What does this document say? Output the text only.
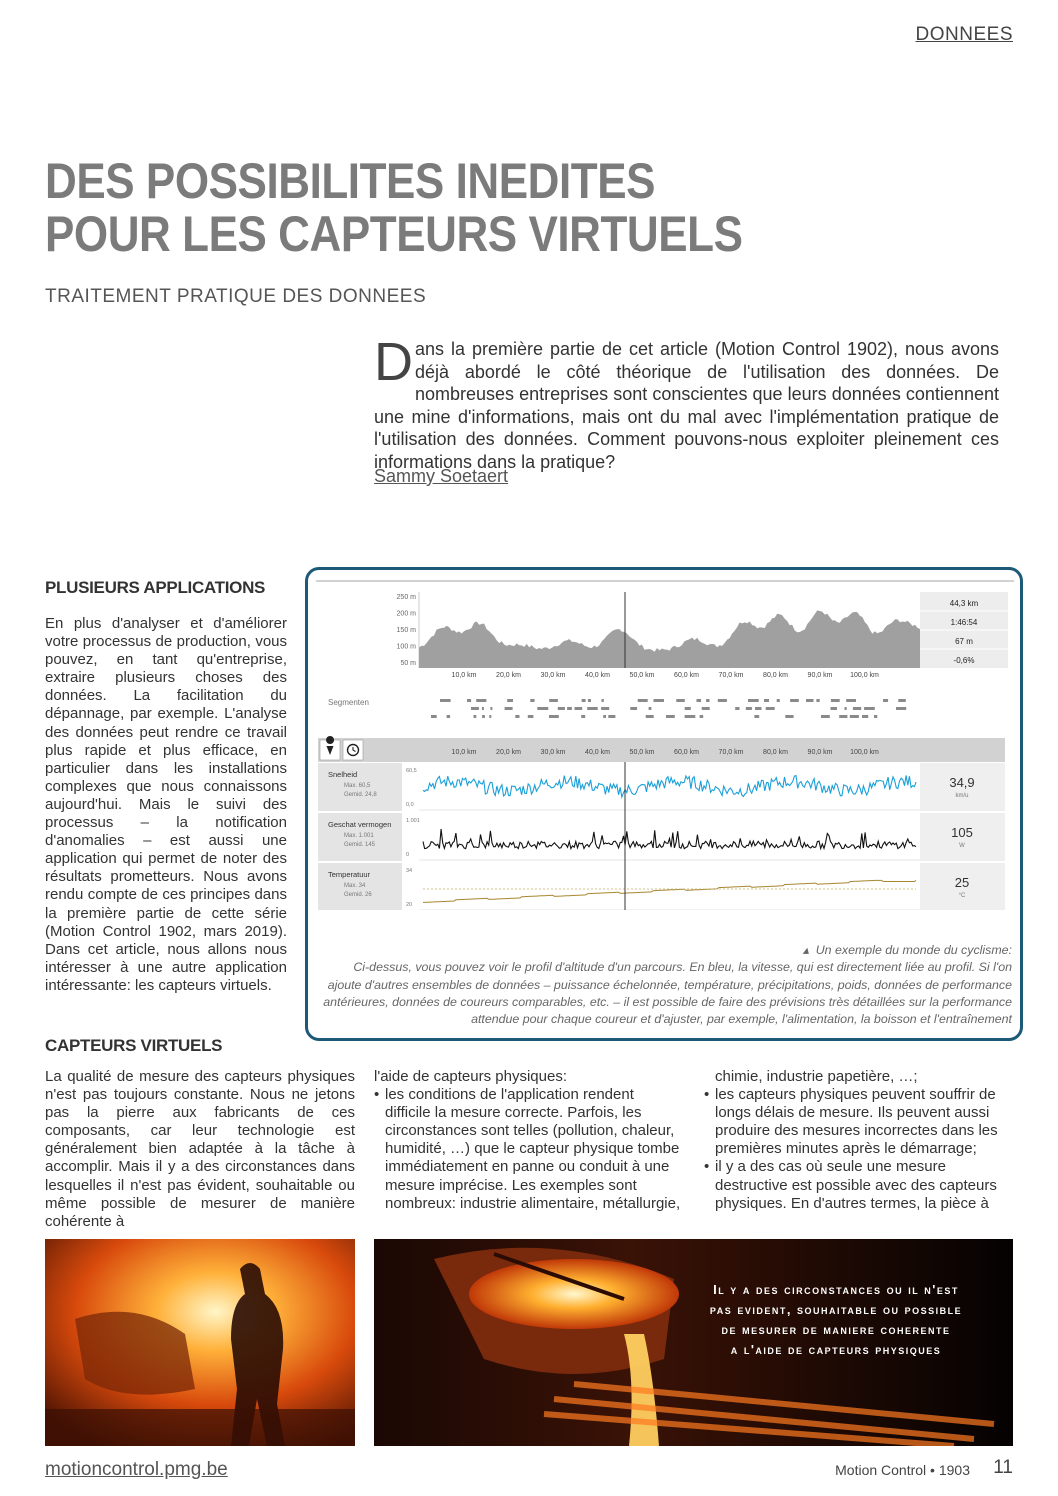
DONNEES
DES POSSIBILITES INEDITES
POUR LES CAPTEURS VIRTUELS
TRAITEMENT PRATIQUE DES DONNEES
Dans la première partie de cet article (Motion Control 1902), nous avons déjà abordé le côté théorique de l'utilisation des données. De nombreuses entreprises sont conscientes que leurs données contiennent une mine d'informations, mais ont du mal avec l'implémentation pratique de l'utilisation des données. Comment pouvons-nous exploiter pleinement ces informations dans la pratique?
Sammy Soetaert
PLUSIEURS APPLICATIONS
En plus d'analyser et d'améliorer votre processus de production, vous pouvez, en tant qu'entreprise, extraire plusieurs choses des données. La facilitation du dépannage, par exemple. L'analyse des données peut rendre ce travail plus rapide et plus efficace, en particulier dans les installations complexes que nous connaissons aujourd'hui. Mais le suivi des processus – la notification d'anomalies – est aussi une application qui permet de noter des résultats prometteurs. Nous avons rendu compte de ces principes dans la première partie de cette série (Motion Control 1902, mars 2019). Dans cet article, nous allons nous intéresser à une autre application intéressante: les capteurs virtuels.
CAPTEURS VIRTUELS
La qualité de mesure des capteurs physiques n'est pas toujours constante. Nous ne jetons pas la pierre aux fabricants de ces composants, car leur technologie est généralement bien adaptée à la tâche à accomplir. Mais il y a des circonstances dans lesquelles il n'est pas évident, souhaitable ou même possible de mesurer de manière cohérente à
l'aide de capteurs physiques:
• les conditions de l'application rendent difficile la mesure correcte. Parfois, les circonstances sont telles (pollution, chaleur, humidité, …) que le capteur physique tombe immédiatement en panne ou conduit à une mesure imprécise. Les exemples sont nombreux: industrie alimentaire, métallurgie,
chimie, industrie papetière, …;
• les capteurs physiques peuvent souffrir de longs délais de mesure. Ils peuvent aussi produire des mesures incorrectes dans les premières minutes après le démarrage;
• il y a des cas où seule une mesure destructive est possible avec des capteurs physiques. En d'autres termes, la pièce à
250 m
200 m
150 m
100 m
50 m
10,0 km	20,0 km	30,0 km	40,0 km	50,0 km	60,0 km	70,0 km	80,0 km	90,0 km	100,0 km
44,3 km
1:46:54
67 m
-0,6%
Segmenten
10,0 km	20,0 km	30,0 km	40,0 km	50,0 km	60,0 km	70,0 km	80,0 km	90,0 km	100,0 km
Snelheid
Max. 60,5
Gemid. 24,8
60,5
0,0
34,9
km/u
Geschat vermogen
Max. 1.001
Gemid. 145
1.001
0
105
W
Temperatuur
Max. 34
Gemid. 26
34
20
25
°C
▴ Un exemple du monde du cyclisme:
Ci-dessus, vous pouvez voir le profil d'altitude d'un parcours. En bleu, la vitesse, qui est directement liée au profil. Si l'on ajoute d'autres ensembles de données – puissance échelonnée, température, précipitations, poids, données de performance antérieures, données de coureurs comparables, etc. – il est possible de faire des prévisions très détaillées sur la performance attendue pour chaque coureur et d'ajuster, par exemple, l'alimentation, la boisson et l'entraînement
Il y a des circonstances ou il n'est
pas evident, souhaitable ou possible
de mesurer de maniere coherente
a l'aide de capteurs physiques
motioncontrol.pmg.be	Motion Control • 1903 11
